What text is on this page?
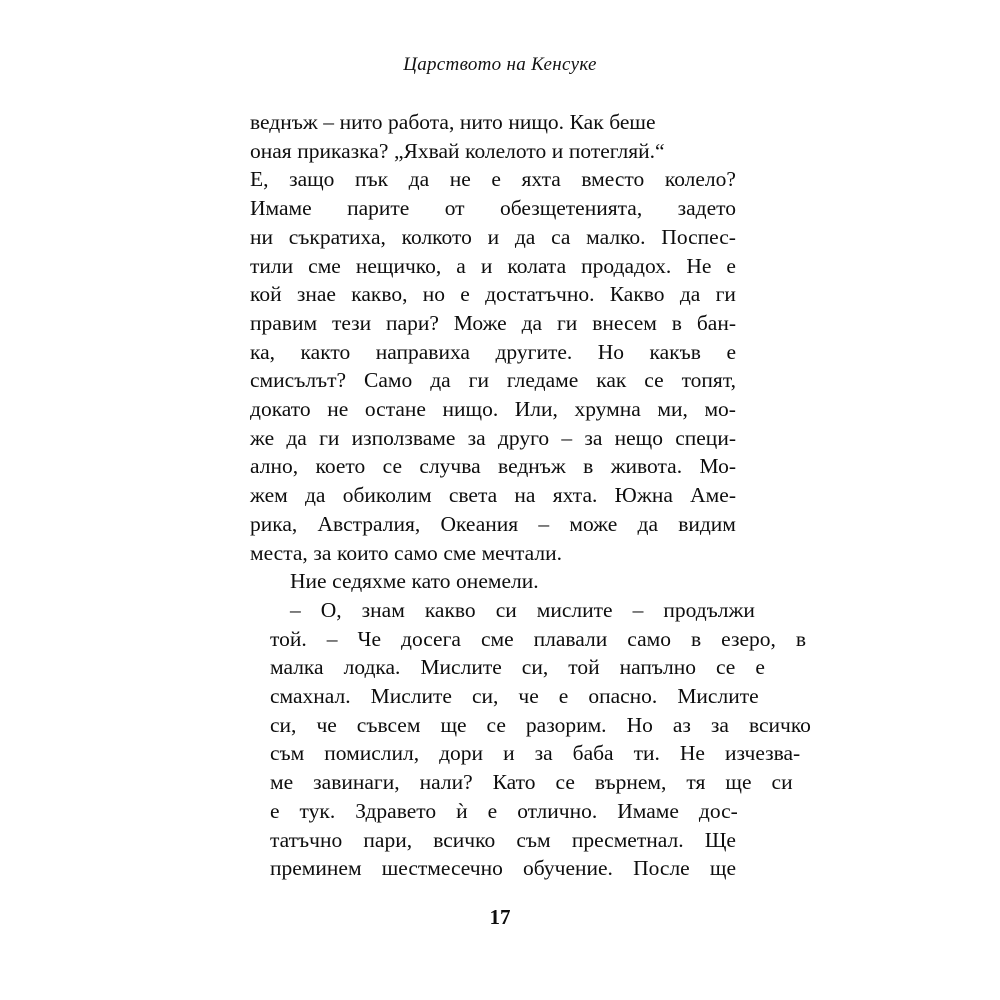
Царството на Кенсуке

веднъж – нито работа, нито нищо. Как беше
оная приказка? „Яхвай колелото и потегляй.“
Е, защо пък да не е яхта вместо колело?
Имаме парите от обезщетенията, задето
ни съкратиха, колкото и да са малко. Поспес-
тили сме нещичко, а и колата продадох. Не е
кой знае какво, но е достатъчно. Какво да ги
правим тези пари? Може да ги внесем в бан-
ка, както направиха другите. Но какъв е
смисълът? Само да ги гледаме как се топят,
докато не остане нищо. Или, хрумна ми, мо-
же да ги използваме за друго – за нещо специ-
ално, което се случва веднъж в живота. Мо-
жем да обиколим света на яхта. Южна Аме-
рика, Австралия, Океания – може да видим
места, за които само сме мечтали.

Ние седяхме като онемели.

– О, знам какво си мислите – продължи
той. – Че досега сме плавали само в езеро, в
малка лодка. Мислите си, той напълно се е
смахнал. Мислите си, че е опасно. Мислите
си, че съвсем ще се разорим. Но аз за всичко
съм помислил, дори и за баба ти. Не изчезва-
ме завинаги, нали? Като се върнем, тя ще си
е тук. Здравето ѝ е отлично. Имаме дос-
татъчно пари, всичко съм пресметнал. Ще
преминем шестмесечно обучение. После ще

17
